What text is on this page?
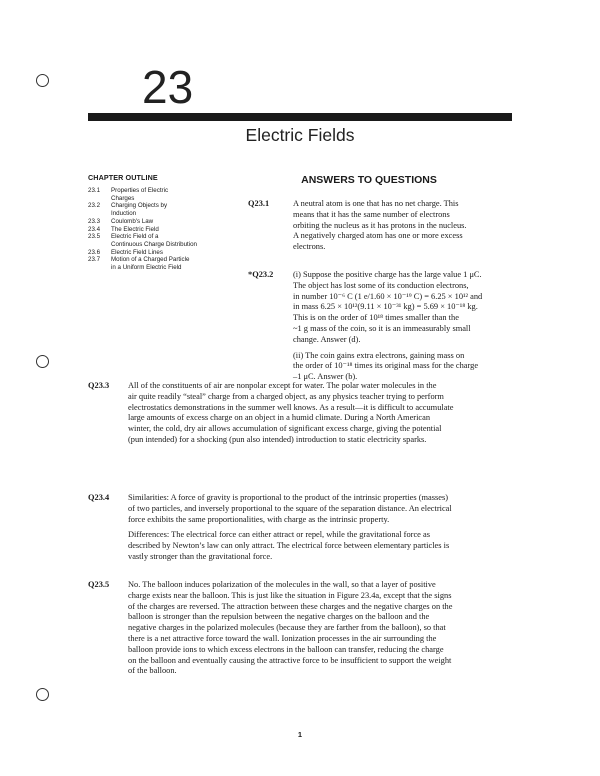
23
Electric Fields
CHAPTER OUTLINE
23.1	Properties of Electric
Charges
23.2	Charging Objects by
Induction
23.3	Coulomb's Law
23.4	The Electric Field
23.5	Electric Field of a
Continuous Charge Distribution
23.6	Electric Field Lines
23.7	Motion of a Charged Particle
in a Uniform Electric Field
ANSWERS TO QUESTIONS
Q23.1	A neutral atom is one that has no net charge. This
means that it has the same number of electrons
orbiting the nucleus as it has protons in the nucleus.
A negatively charged atom has one or more excess
electrons.

*Q23.2 (i) Suppose the positive charge has the large value 1 μC.
The object has lost some of its conduction electrons,
in number 10⁻⁶ C (1 e/1.60 × 10⁻¹⁹ C) = 6.25 × 10¹² and
in mass 6.25 × 10¹²(9.11 × 10⁻³¹ kg) = 5.69 × 10⁻¹⁸ kg.
This is on the order of 10¹⁸ times smaller than the
~1 g mass of the coin, so it is an immeasurably small
change. Answer (d).

(ii) The coin gains extra electrons, gaining mass on
the order of 10⁻¹⁸ times its original mass for the charge
–1 μC. Answer (b).

Q23.3 All of the constituents of air are nonpolar except for water. The polar water molecules in the
air quite readily “steal” charge from a charged object, as any physics teacher trying to perform
electrostatics demonstrations in the summer well knows. As a result—it is difficult to accumulate
large amounts of excess charge on an object in a humid climate. During a North American
winter, the cold, dry air allows accumulation of significant excess charge, giving the potential
(pun intended) for a shocking (pun also intended) introduction to static electricity sparks.

Q23.4 Similarities: A force of gravity is proportional to the product of the intrinsic properties (masses)
of two particles, and inversely proportional to the square of the separation distance. An electrical
force exhibits the same proportionalities, with charge as the intrinsic property.

Differences: The electrical force can either attract or repel, while the gravitational force as
described by Newton’s law can only attract. The electrical force between elementary particles is
vastly stronger than the gravitational force.

Q23.5 No. The balloon induces polarization of the molecules in the wall, so that a layer of positive
charge exists near the balloon. This is just like the situation in Figure 23.4a, except that the signs
of the charges are reversed. The attraction between these charges and the negative charges on the
balloon is stronger than the repulsion between the negative charges on the balloon and the
negative charges in the polarized molecules (because they are farther from the balloon), so that
there is a net attractive force toward the wall. Ionization processes in the air surrounding the
balloon provide ions to which excess electrons in the balloon can transfer, reducing the charge
on the balloon and eventually causing the attractive force to be insufficient to support the weight
of the balloon.

1
